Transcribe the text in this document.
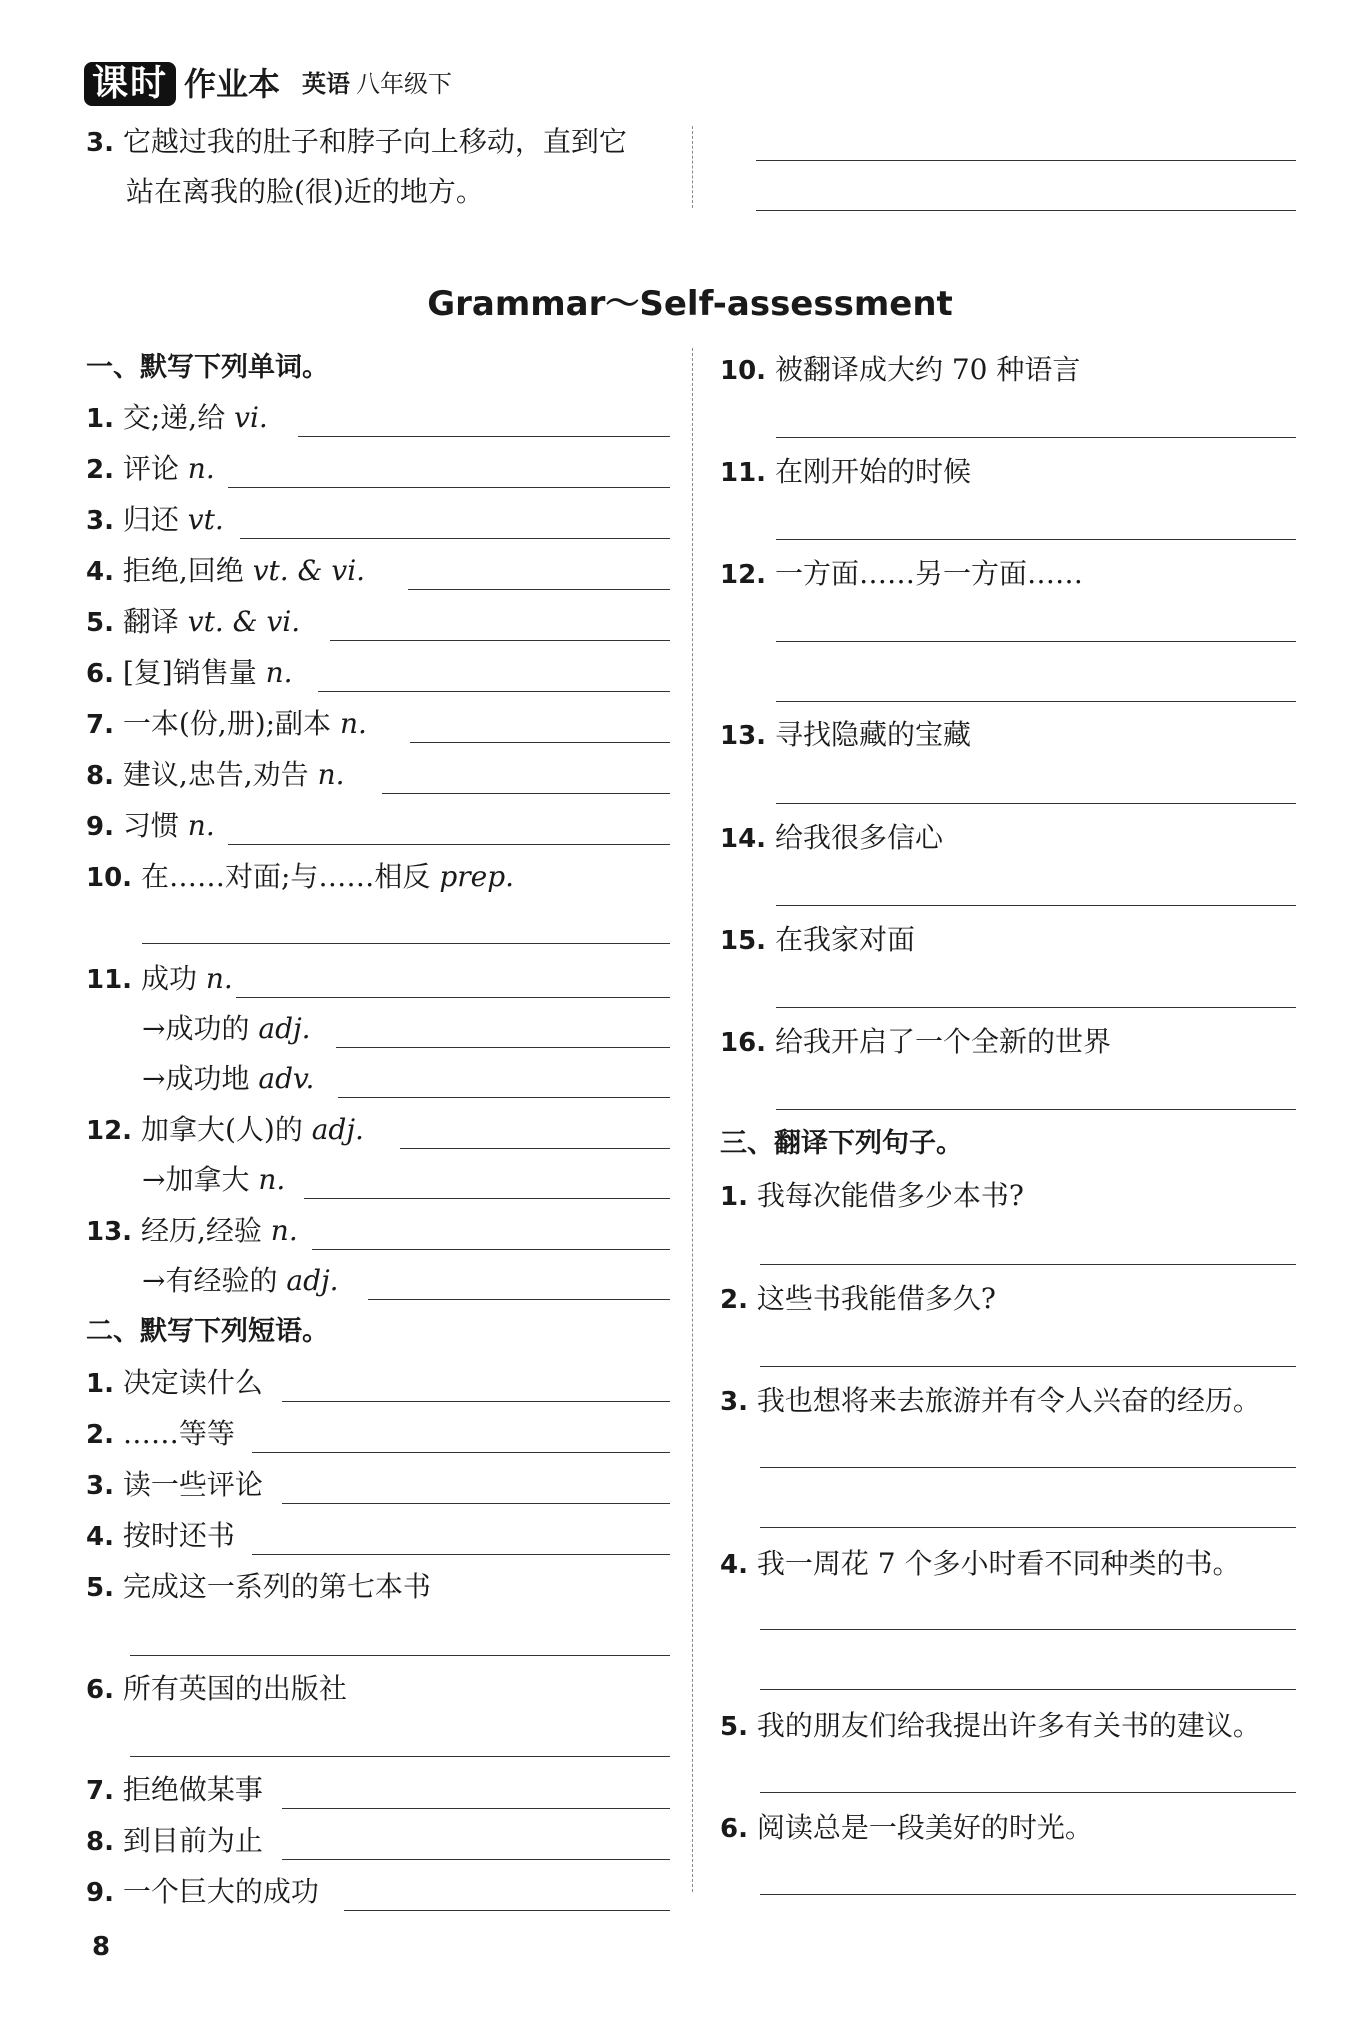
课时 作业本 英语 八年级下
3. 它越过我的肚子和脖子向上移动，直到它
站在离我的脸(很)近的地方。
Grammar～Self-assessment
一、默写下列单词。
1. 交;递,给 vi.
2. 评论 n.
3. 归还 vt.
4. 拒绝,回绝 vt. & vi.
5. 翻译 vt. & vi.
6. [复]销售量 n.
7. 一本(份,册);副本 n.
8. 建议,忠告,劝告 n.
9. 习惯 n.
10. 在……对面;与……相反 prep.
11. 成功 n.
→成功的 adj.
→成功地 adv.
12. 加拿大(人)的 adj.
→加拿大 n.
13. 经历,经验 n.
→有经验的 adj.
二、默写下列短语。
1. 决定读什么
2. ……等等
3. 读一些评论
4. 按时还书
5. 完成这一系列的第七本书
6. 所有英国的出版社
7. 拒绝做某事
8. 到目前为止
9. 一个巨大的成功
10. 被翻译成大约 70 种语言
11. 在刚开始的时候
12. 一方面……另一方面……
13. 寻找隐藏的宝藏
14. 给我很多信心
15. 在我家对面
16. 给我开启了一个全新的世界
三、翻译下列句子。
1. 我每次能借多少本书?
2. 这些书我能借多久?
3. 我也想将来去旅游并有令人兴奋的经历。
4. 我一周花 7 个多小时看不同种类的书。
5. 我的朋友们给我提出许多有关书的建议。
6. 阅读总是一段美好的时光。
8
